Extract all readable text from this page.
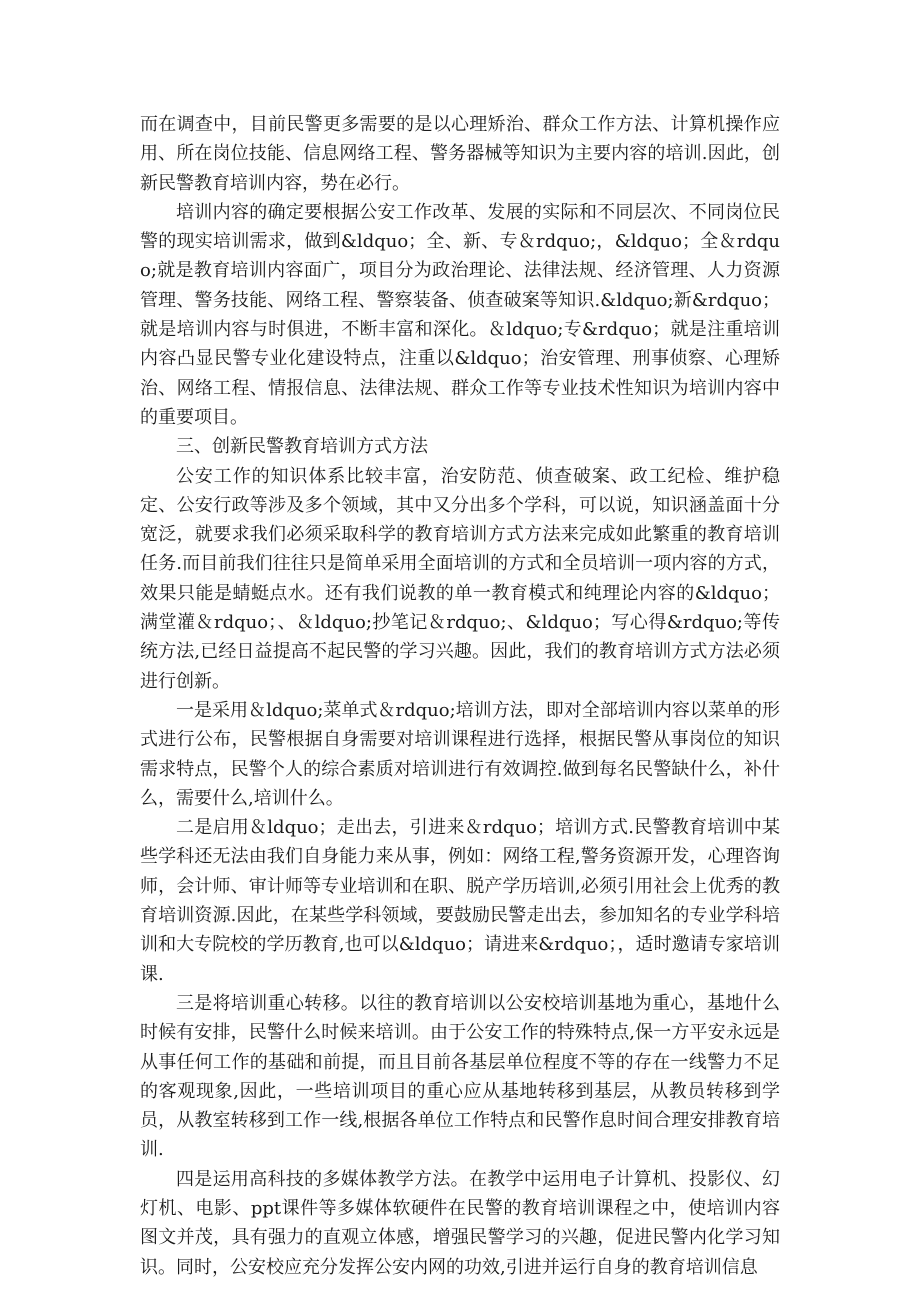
而在调查中，目前民警更多需要的是以心理矫治、群众工作方法、计算机操作应用、所在岗位技能、信息网络工程、警务器械等知识为主要内容的培训.因此，创新民警教育培训内容，势在必行。

培训内容的确定要根据公安工作改革、发展的实际和不同层次、不同岗位民警的现实培训需求，做到&ldquo；全、新、专＆rdquo;，&ldquo；全＆rdquo;就是教育培训内容面广，项目分为政治理论、法律法规、经济管理、人力资源管理、警务技能、网络工程、警察装备、侦查破案等知识.&ldquo;新&rdquo；就是培训内容与时俱进，不断丰富和深化。＆ldquo;专&rdquo；就是注重培训内容凸显民警专业化建设特点，注重以&ldquo；治安管理、刑事侦察、心理矫治、网络工程、情报信息、法律法规、群众工作等专业技术性知识为培训内容中的重要项目。

三、创新民警教育培训方式方法

公安工作的知识体系比较丰富，治安防范、侦查破案、政工纪检、维护稳定、公安行政等涉及多个领域，其中又分出多个学科，可以说，知识涵盖面十分宽泛，就要求我们必须采取科学的教育培训方式方法来完成如此繁重的教育培训任务.而目前我们往往只是简单采用全面培训的方式和全员培训一项内容的方式，效果只能是蜻蜓点水。还有我们说教的单一教育模式和纯理论内容的&ldquo；满堂灌＆rdquo；、＆ldquo;抄笔记＆rdquo;、&ldquo；写心得&rdquo;等传统方法,已经日益提高不起民警的学习兴趣。因此，我们的教育培训方式方法必须进行创新。

一是采用＆ldquo;菜单式＆rdquo;培训方法，即对全部培训内容以菜单的形式进行公布，民警根据自身需要对培训课程进行选择，根据民警从事岗位的知识需求特点，民警个人的综合素质对培训进行有效调控.做到每名民警缺什么，补什么，需要什么,培训什么。

二是启用＆ldquo；走出去，引进来＆rdquo；培训方式.民警教育培训中某些学科还无法由我们自身能力来从事，例如：网络工程,警务资源开发，心理咨询师，会计师、审计师等专业培训和在职、脱产学历培训,必须引用社会上优秀的教育培训资源.因此，在某些学科领域，要鼓励民警走出去，参加知名的专业学科培训和大专院校的学历教育,也可以&ldquo；请进来&rdquo；，适时邀请专家培训课.

三是将培训重心转移。以往的教育培训以公安校培训基地为重心，基地什么时候有安排，民警什么时候来培训。由于公安工作的特殊特点,保一方平安永远是从事任何工作的基础和前提，而且目前各基层单位程度不等的存在一线警力不足的客观现象,因此，一些培训项目的重心应从基地转移到基层，从教员转移到学员，从教室转移到工作一线,根据各单位工作特点和民警作息时间合理安排教育培训.

四是运用高科技的多媒体教学方法。在教学中运用电子计算机、投影仪、幻灯机、电影、ppt课件等多媒体软硬件在民警的教育培训课程之中，使培训内容图文并茂，具有强力的直观立体感，增强民警学习的兴趣，促进民警内化学习知识。同时，公安校应充分发挥公安内网的功效,引进并运行自身的教育培训信息
